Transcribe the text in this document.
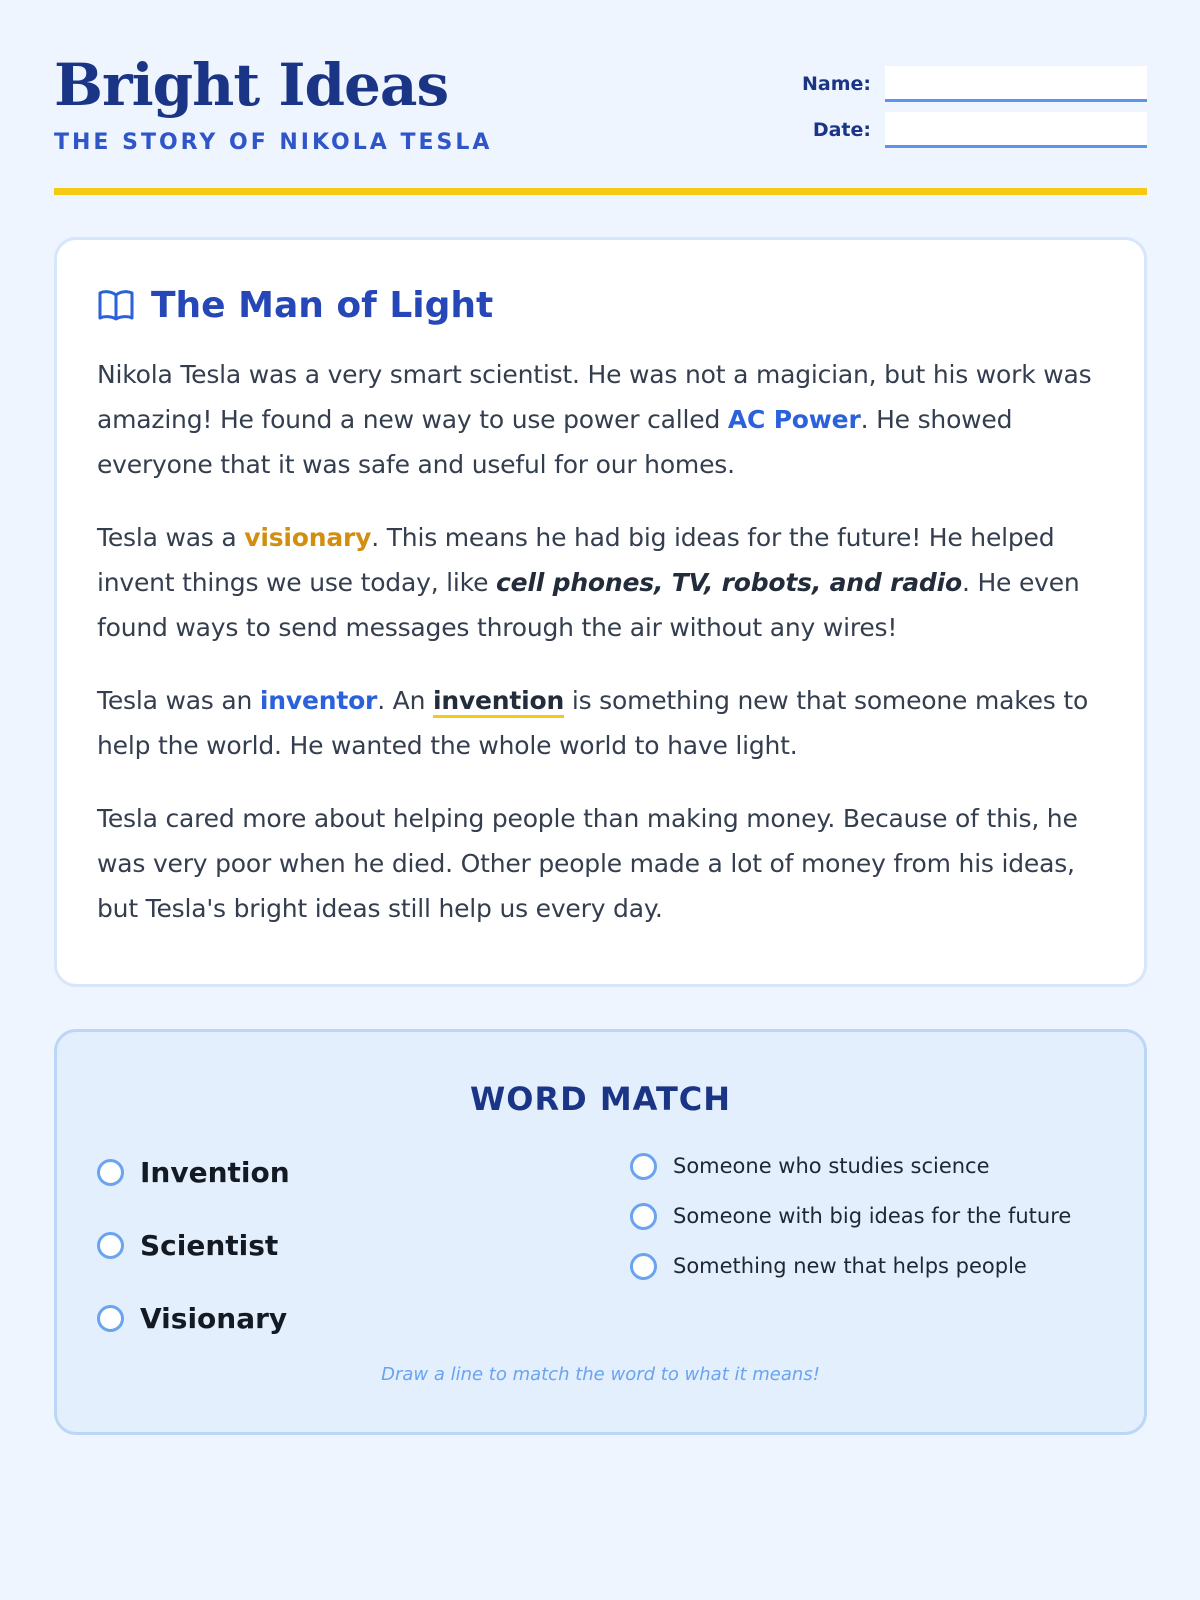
Bright Ideas
THE STORY OF NIKOLA TESLA
Name:
Date:
The Man of Light

Nikola Tesla was a very smart scientist. He was not a magician, but his work was amazing! He found a new way to use power called AC Power. He showed everyone that it was safe and useful for our homes.

Tesla was a visionary. This means he had big ideas for the future! He helped invent things we use today, like cell phones, TV, robots, and radio. He even found ways to send messages through the air without any wires!

Tesla was an inventor. An invention is something new that someone makes to help the world. He wanted the whole world to have light.

Tesla cared more about helping people than making money. Because of this, he was very poor when he died. Other people made a lot of money from his ideas, but Tesla's bright ideas still help us every day.

WORD MATCH
Invention
Scientist
Visionary
Someone who studies science
Someone with big ideas for the future
Something new that helps people
Draw a line to match the word to what it means!
